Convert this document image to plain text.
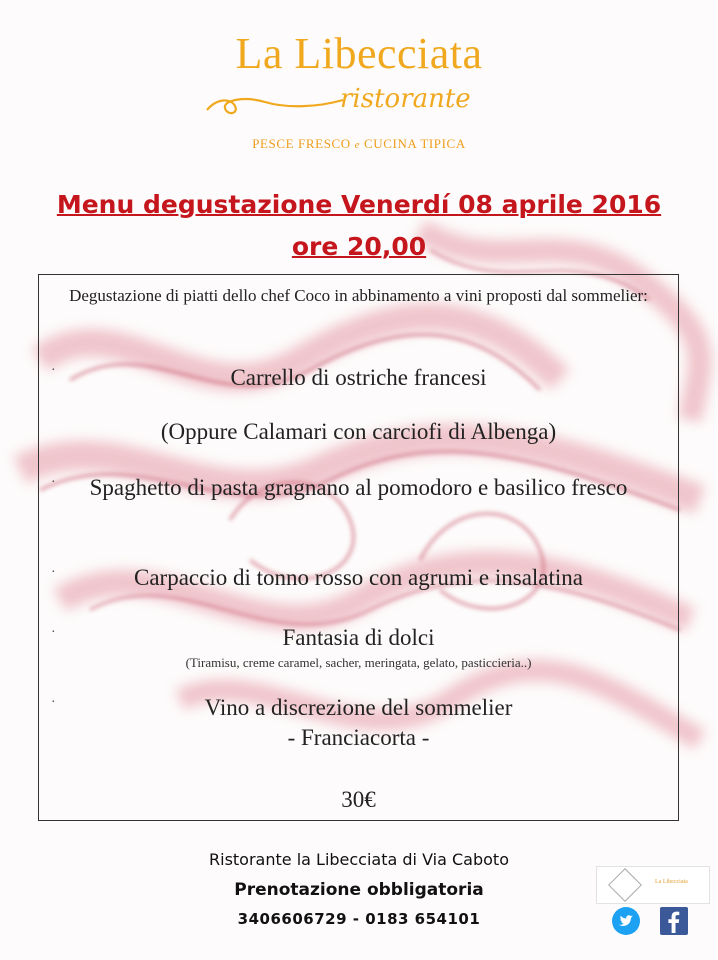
La Libecciata
ristorante
PESCE FRESCO e CUCINA TIPICA
Menu degustazione Venerdí 08 aprile 2016
ore 20,00
Degustazione di piatti dello chef Coco in abbinamento a vini proposti dal sommelier:
·	Carrello di ostriche francesi
(Oppure Calamari con carciofi di Albenga)
·	Spaghetto di pasta gragnano al pomodoro e basilico fresco
·	Carpaccio di tonno rosso con agrumi e insalatina
·	Fantasia di dolci
(Tiramisu, creme caramel, sacher, meringata, gelato, pasticcieria..)
·	Vino a discrezione del sommelier
- Franciacorta -
30€
Ristorante la Libecciata di Via Caboto
Prenotazione obbligatoria
3406606729 - 0183 654101
La Libecciata
